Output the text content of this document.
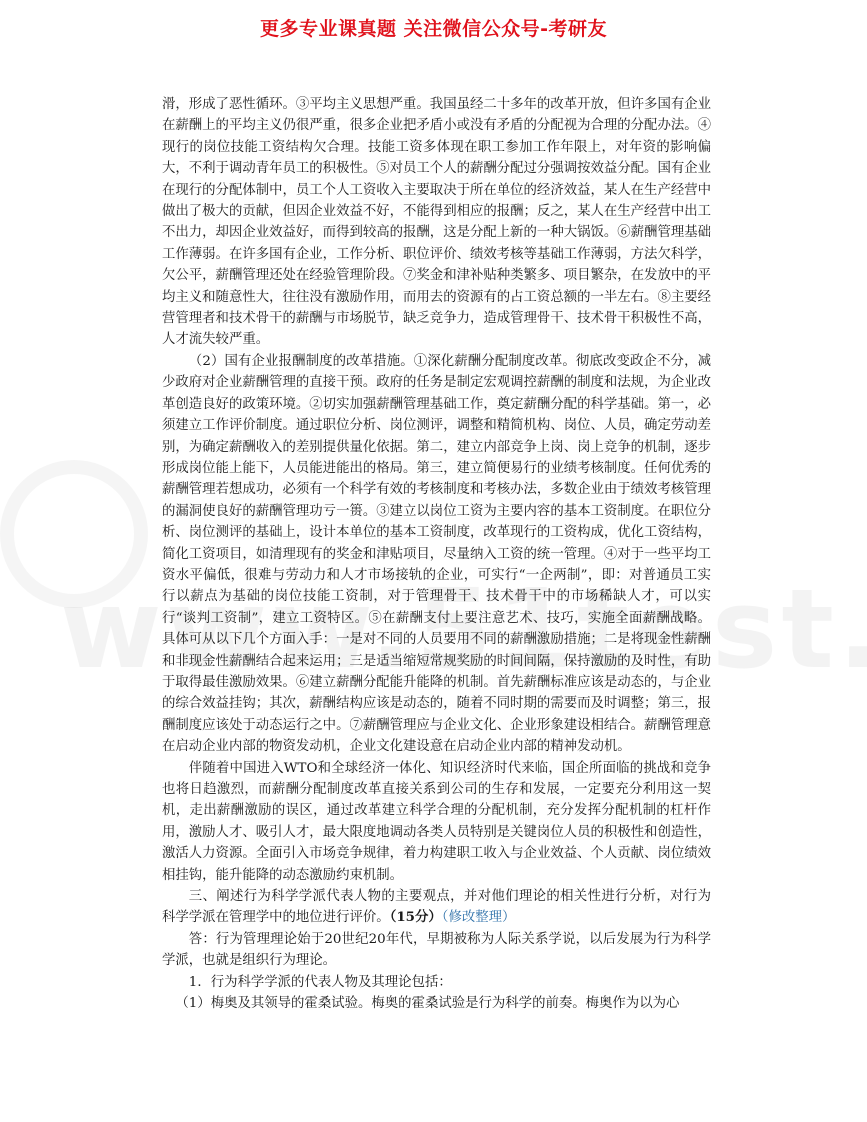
更多专业课真题 关注微信公众号-考研友

滑，形成了恶性循环。③平均主义思想严重。我国虽经二十多年的改革开放，但许多国有企业在薪酬上的平均主义仍很严重，很多企业把矛盾小或没有矛盾的分配视为合理的分配办法。④现行的岗位技能工资结构欠合理。技能工资多体现在职工参加工作年限上，对年资的影响偏大，不利于调动青年员工的积极性。⑤对员工个人的薪酬分配过分强调按效益分配。国有企业在现行的分配体制中，员工个人工资收入主要取决于所在单位的经济效益，某人在生产经营中做出了极大的贡献，但因企业效益不好，不能得到相应的报酬；反之，某人在生产经营中出工不出力，却因企业效益好，而得到较高的报酬，这是分配上新的一种大锅饭。⑥薪酬管理基础工作薄弱。在许多国有企业，工作分析、职位评价、绩效考核等基础工作薄弱，方法欠科学，欠公平，薪酬管理还处在经验管理阶段。⑦奖金和津补贴种类繁多、项目繁杂，在发放中的平均主义和随意性大，往往没有激励作用，而用去的资源有的占工资总额的一半左右。⑧主要经营管理者和技术骨干的薪酬与市场脱节，缺乏竞争力，造成管理骨干、技术骨干积极性不高，人才流失较严重。

（2）国有企业报酬制度的改革措施。①深化薪酬分配制度改革。彻底改变政企不分，减少政府对企业薪酬管理的直接干预。政府的任务是制定宏观调控薪酬的制度和法规，为企业改革创造良好的政策环境。②切实加强薪酬管理基础工作，奠定薪酬分配的科学基础。第一，必须建立工作评价制度。通过职位分析、岗位测评，调整和精简机构、岗位、人员，确定劳动差别，为确定薪酬收入的差别提供量化依据。第二，建立内部竞争上岗、岗上竞争的机制，逐步形成岗位能上能下，人员能进能出的格局。第三，建立简便易行的业绩考核制度。任何优秀的薪酬管理若想成功，必须有一个科学有效的考核制度和考核办法，多数企业由于绩效考核管理的漏洞使良好的薪酬管理功亏一篑。③建立以岗位工资为主要内容的基本工资制度。在职位分析、岗位测评的基础上，设计本单位的基本工资制度，改革现行的工资构成，优化工资结构，简化工资项目，如清理现有的奖金和津贴项目，尽量纳入工资的统一管理。④对于一些平均工资水平偏低，很难与劳动力和人才市场接轨的企业，可实行“一企两制”，即：对普通员工实行以薪点为基础的岗位技能工资制，对于管理骨干、技术骨干中的市场稀缺人才，可以实行“谈判工资制”，建立工资特区。⑤在薪酬支付上要注意艺术、技巧，实施全面薪酬战略。具体可从以下几个方面入手：一是对不同的人员要用不同的薪酬激励措施；二是将现金性薪酬和非现金性薪酬结合起来运用；三是适当缩短常规奖励的时间间隔，保持激励的及时性，有助于取得最佳激励效果。⑥建立薪酬分配能升能降的机制。首先薪酬标准应该是动态的，与企业的综合效益挂钩；其次，薪酬结构应该是动态的，随着不同时期的需要而及时调整；第三，报酬制度应该处于动态运行之中。⑦薪酬管理应与企业文化、企业形象建设相结合。薪酬管理意在启动企业内部的物资发动机，企业文化建设意在启动企业内部的精神发动机。

伴随着中国进入WTO和全球经济一体化、知识经济时代来临，国企所面临的挑战和竞争也将日趋激烈，而薪酬分配制度改革直接关系到公司的生存和发展，一定要充分利用这一契机，走出薪酬激励的误区，通过改革建立科学合理的分配机制，充分发挥分配机制的杠杆作用，激励人才、吸引人才，最大限度地调动各类人员特别是关键岗位人员的积极性和创造性，激活人力资源。全面引入市场竞争规律，着力构建职工收入与企业效益、个人贡献、岗位绩效相挂钩，能升能降的动态激励约束机制。

三、阐述行为科学学派代表人物的主要观点，并对他们理论的相关性进行分析，对行为科学学派在管理学中的地位进行评价。（15分）（修改整理）

答：行为管理理论始于20世纪20年代，早期被称为人际关系学说，以后发展为行为科学学派，也就是组织行为理论。

1．行为科学学派的代表人物及其理论包括：

（1）梅奥及其领导的霍桑试验。梅奥的霍桑试验是行为科学的前奏。梅奥作为以为心
